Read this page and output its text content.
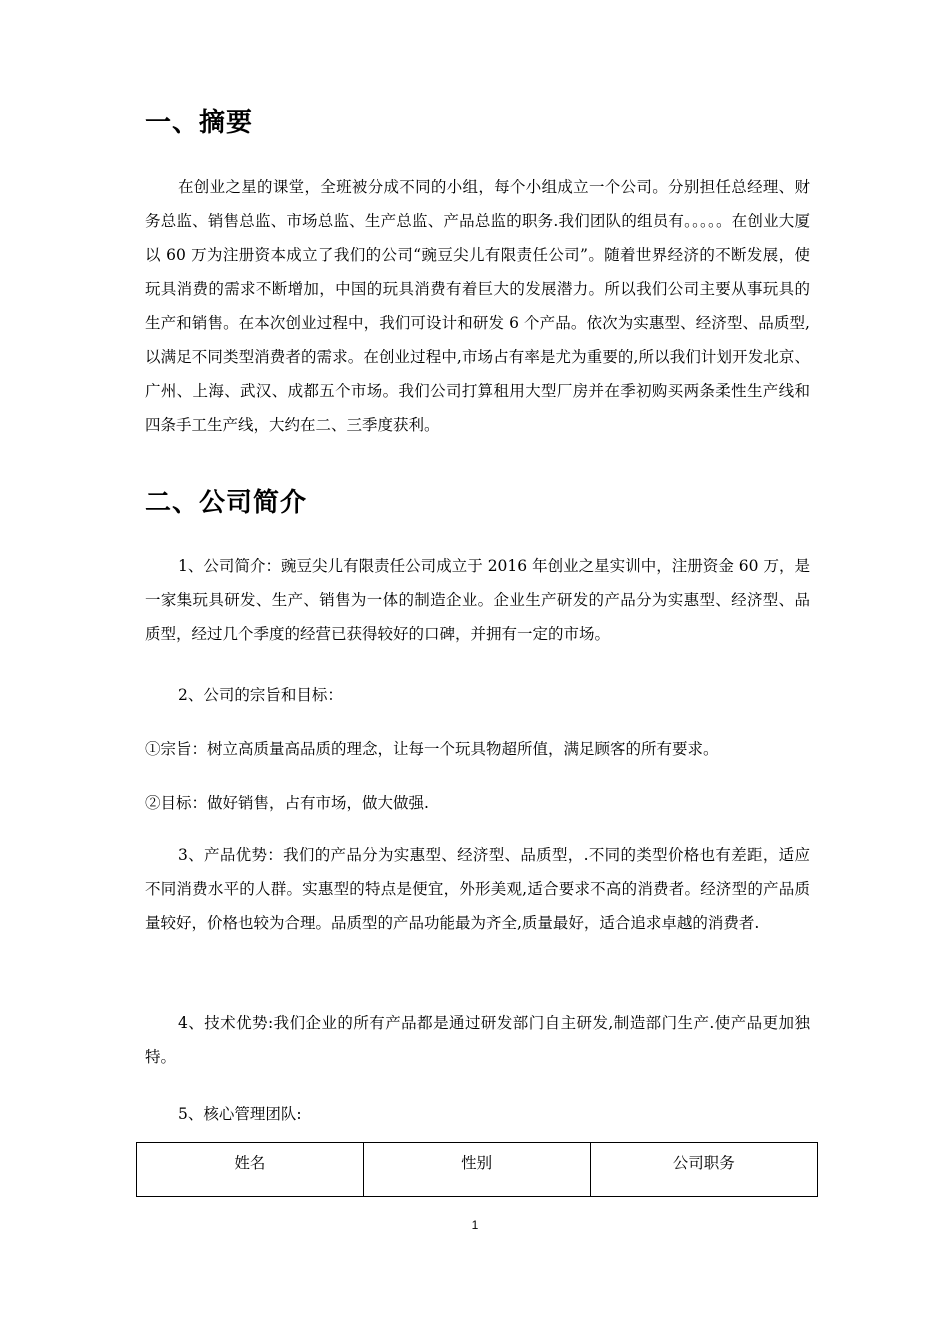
一、摘要

在创业之星的课堂，全班被分成不同的小组，每个小组成立一个公司。分别担任总经理、财务总监、销售总监、市场总监、生产总监、产品总监的职务.我们团队的组员有。。。。。在创业大厦以 60 万为注册资本成立了我们的公司“豌豆尖儿有限责任公司”。随着世界经济的不断发展，使玩具消费的需求不断增加，中国的玩具消费有着巨大的发展潜力。所以我们公司主要从事玩具的生产和销售。在本次创业过程中，我们可设计和研发 6 个产品。依次为实惠型、经济型、品质型,以满足不同类型消费者的需求。在创业过程中,市场占有率是尤为重要的,所以我们计划开发北京、广州、上海、武汉、成都五个市场。我们公司打算租用大型厂房并在季初购买两条柔性生产线和四条手工生产线，大约在二、三季度获利。

二、公司简介

1、公司简介：豌豆尖儿有限责任公司成立于 2016 年创业之星实训中，注册资金 60 万，是一家集玩具研发、生产、销售为一体的制造企业。企业生产研发的产品分为实惠型、经济型、品质型，经过几个季度的经营已获得较好的口碑，并拥有一定的市场。

2、公司的宗旨和目标：

①宗旨：树立高质量高品质的理念，让每一个玩具物超所值，满足顾客的所有要求。

②目标：做好销售，占有市场，做大做强.

3、产品优势：我们的产品分为实惠型、经济型、品质型，.不同的类型价格也有差距，适应不同消费水平的人群。实惠型的特点是便宜，外形美观,适合要求不高的消费者。经济型的产品质量较好，价格也较为合理。品质型的产品功能最为齐全,质量最好，适合追求卓越的消费者.

4、技术优势:我们企业的所有产品都是通过研发部门自主研发,制造部门生产.使产品更加独特。

5、核心管理团队:

姓名	性别	公司职务
1
